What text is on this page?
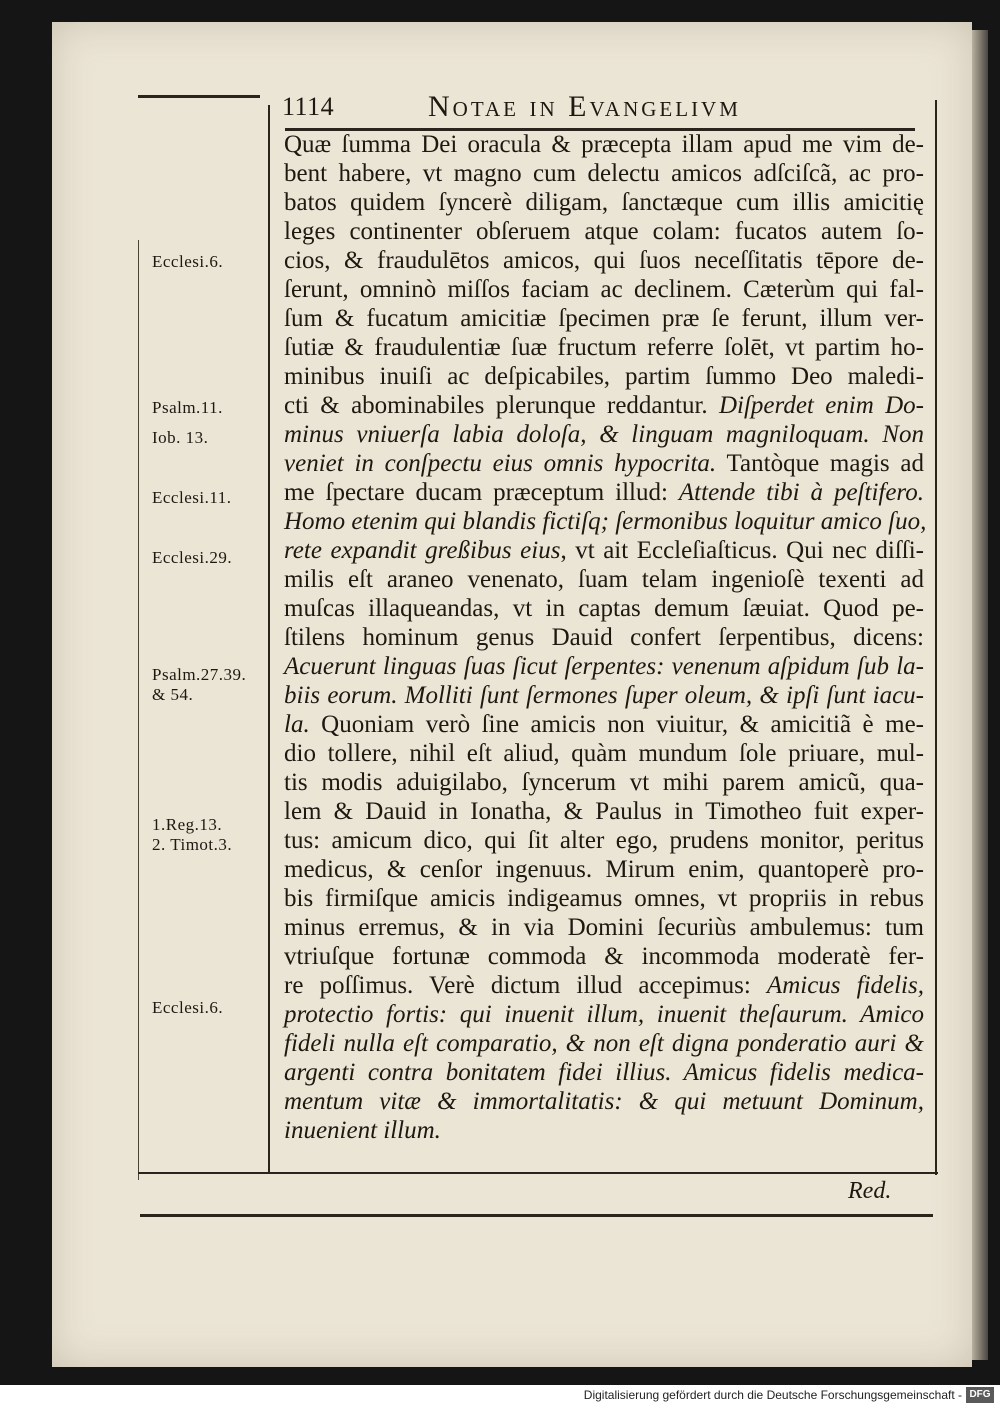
1114	Notae in Evangelivm
Quæ ſumma Dei oracula & præcepta illam apud me vim de-
bent habere, vt magno cum delectu amicos adſciſcã, ac pro-
batos quidem ſyncerè diligam, ſanctæque cum illis amicitię
leges continenter obſeruem atque colam: fucatos autem ſo-
cios, & fraudulētos amicos, qui ſuos neceſſitatis tēpore de-
ſerunt, omninò miſſos faciam ac declinem. Cæterùm qui fal-
ſum & fucatum amicitiæ ſpecimen præ ſe ferunt, illum ver-
ſutiæ & fraudulentiæ ſuæ fructum referre ſolēt, vt partim ho-
minibus inuiſi ac deſpicabiles, partim ſummo Deo maledi-
cti & abominabiles plerunque reddantur. Diſperdet enim Do-
minus vniuerſa labia doloſa, & linguam magniloquam. Non
veniet in conſpectu eius omnis hypocrita. Tantòque magis ad
me ſpectare ducam præceptum illud: Attende tibi à peſtifero.
Homo etenim qui blandis fictiſq; ſermonibus loquitur amico ſuo,
rete expandit greßibus eius, vt ait Eccleſiaſticus. Qui nec diſſi-
milis eſt araneo venenato, ſuam telam ingenioſè texenti ad
muſcas illaqueandas, vt in captas demum ſæuiat. Quod pe-
ſtilens hominum genus Dauid confert ſerpentibus, dicens:
Acuerunt linguas ſuas ſicut ſerpentes: venenum aſpidum ſub la-
biis eorum. Molliti ſunt ſermones ſuper oleum, & ipſi ſunt iacu-
la. Quoniam verò ſine amicis non viuitur, & amicitiã è me-
dio tollere, nihil eſt aliud, quàm mundum ſole priuare, mul-
tis modis aduigilabo, ſyncerum vt mihi parem amicũ, qua-
lem & Dauid in Ionatha, & Paulus in Timotheo fuit exper-
tus: amicum dico, qui ſit alter ego, prudens monitor, peritus
medicus, & cenſor ingenuus. Mirum enim, quantoperè pro-
bis firmiſque amicis indigeamus omnes, vt propriis in rebus
minus erremus, & in via Domini ſecuriùs ambulemus: tum
vtriuſque fortunæ commoda & incommoda moderatè fer-
re poſſimus. Verè dictum illud accepimus: Amicus fidelis,
protectio fortis: qui inuenit illum, inuenit theſaurum. Amico
fideli nulla eſt comparatio, & non eſt digna ponderatio auri &
argenti contra bonitatem fidei illius. Amicus fidelis medica-
mentum vitæ & immortalitatis: & qui metuunt Dominum,
inuenient illum.
Ecclesi.6.
Psalm.11.
Iob. 13.
Ecclesi.11.
Ecclesi.29.
Psalm.27.39.
& 54.
1.Reg.13.
2. Timot.3.
Ecclesi.6.
Red.
Digitalisierung gefördert durch die Deutsche Forschungsgemeinschaft - DFG
